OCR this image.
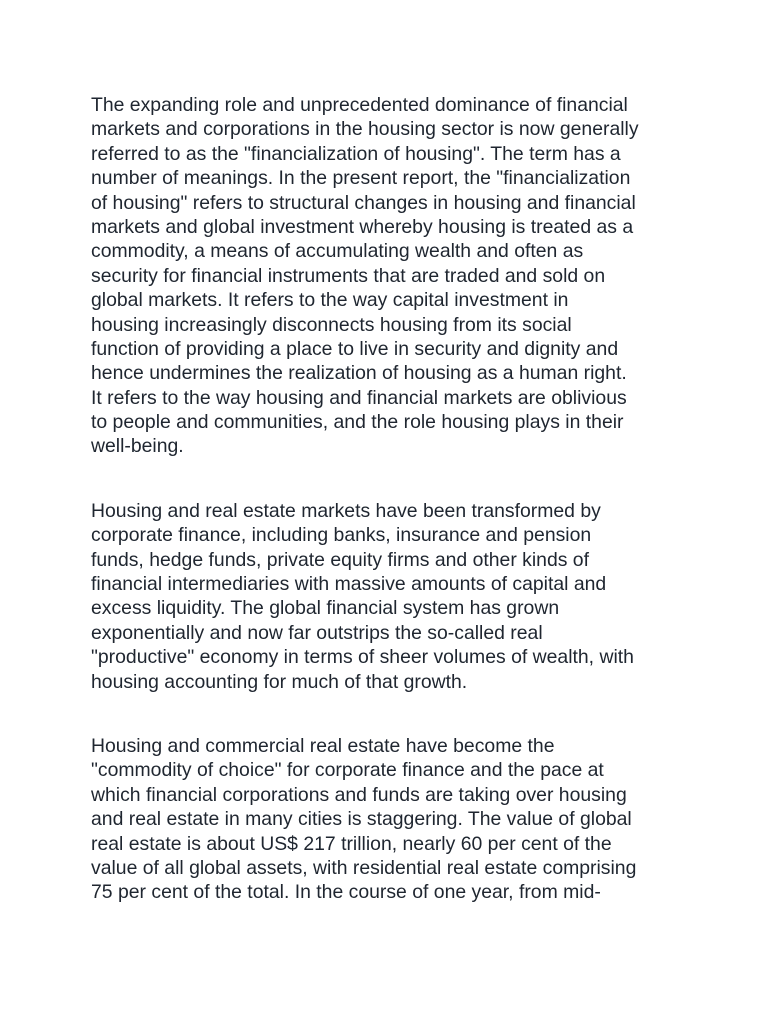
The expanding role and unprecedented dominance of financial
markets and corporations in the housing sector is now generally
referred to as the "financialization of housing". The term has a
number of meanings. In the present report, the "financialization
of housing" refers to structural changes in housing and financial
markets and global investment whereby housing is treated as a
commodity, a means of accumulating wealth and often as
security for financial instruments that are traded and sold on
global markets. It refers to the way capital investment in
housing increasingly disconnects housing from its social
function of providing a place to live in security and dignity and
hence undermines the realization of housing as a human right.
It refers to the way housing and financial markets are oblivious
to people and communities, and the role housing plays in their
well-being.

Housing and real estate markets have been transformed by
corporate finance, including banks, insurance and pension
funds, hedge funds, private equity firms and other kinds of
financial intermediaries with massive amounts of capital and
excess liquidity. The global financial system has grown
exponentially and now far outstrips the so-called real
"productive" economy in terms of sheer volumes of wealth, with
housing accounting for much of that growth.

Housing and commercial real estate have become the
"commodity of choice" for corporate finance and the pace at
which financial corporations and funds are taking over housing
and real estate in many cities is staggering. The value of global
real estate is about US$ 217 trillion, nearly 60 per cent of the
value of all global assets, with residential real estate comprising
75 per cent of the total. In the course of one year, from mid-
